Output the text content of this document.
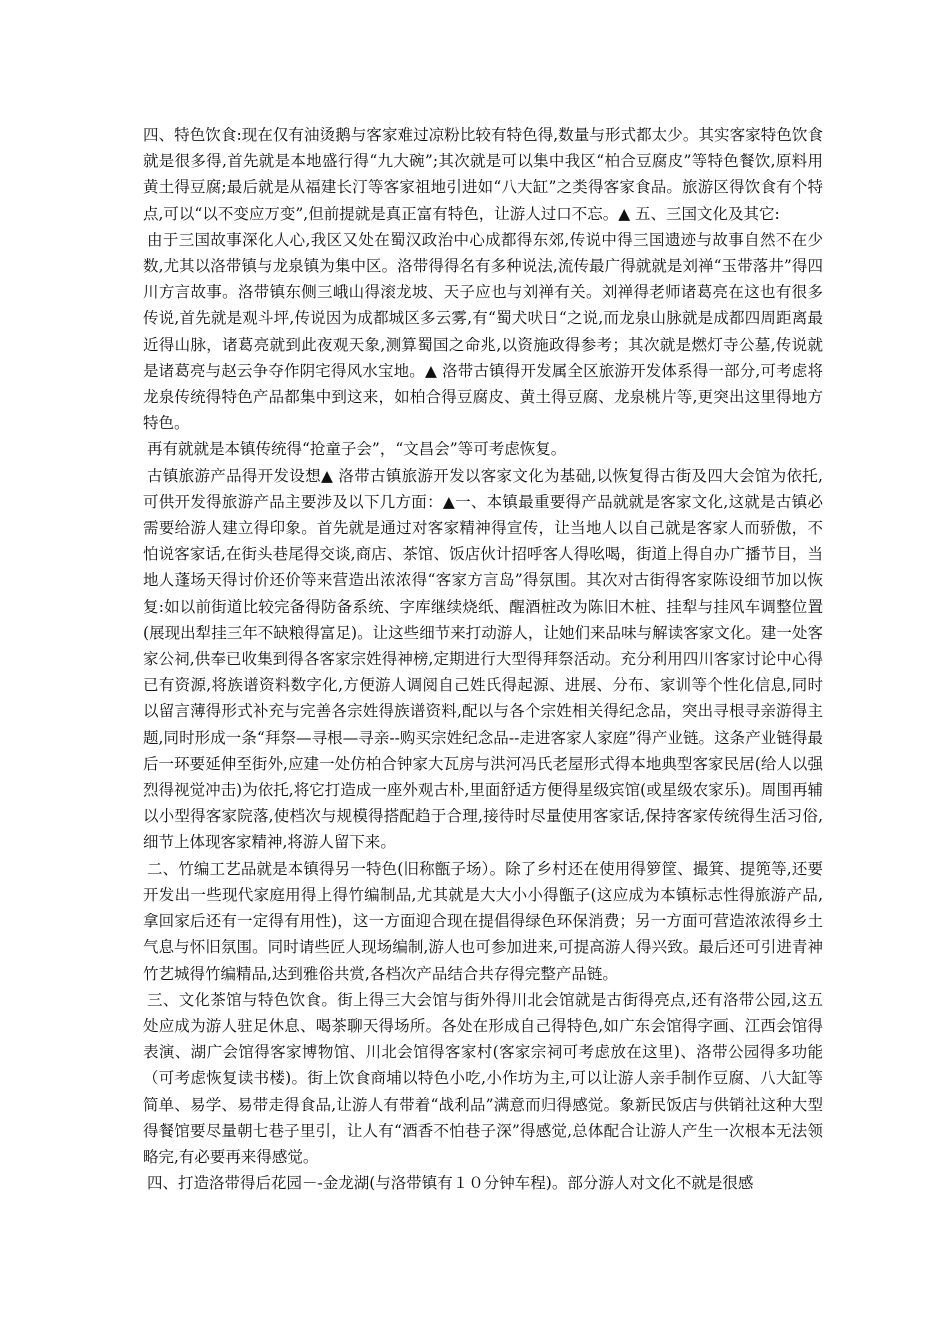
四、特色饮食:现在仅有油烫鹅与客家难过凉粉比较有特色得,数量与形式都太少。其实客家特色饮食就是很多得,首先就是本地盛行得“九大碗”;其次就是可以集中我区“柏合豆腐皮”等特色餐饮,原料用黄土得豆腐;最后就是从福建长汀等客家祖地引进如“八大缸”之类得客家食品。旅游区得饮食有个特点,可以“以不变应万变”,但前提就是真正富有特色，让游人过口不忘。▲ 五、三国文化及其它:

由于三国故事深化人心,我区又处在蜀汉政治中心成都得东郊,传说中得三国遗迹与故事自然不在少数,尤其以洛带镇与龙泉镇为集中区。洛带得得名有多种说法,流传最广得就就是刘禅“玉带落井”得四川方言故事。洛带镇东侧三峨山得滚龙坡、天子应也与刘禅有关。刘禅得老师诸葛亮在这也有很多传说,首先就是观斗坪,传说因为成都城区多云雾,有“蜀犬吠日“之说,而龙泉山脉就是成都四周距离最近得山脉，诸葛亮就到此夜观天象,测算蜀国之命兆,以资施政得参考；其次就是燃灯寺公墓,传说就是诸葛亮与赵云争夺作阴宅得风水宝地。▲ 洛带古镇得开发属全区旅游开发体系得一部分,可考虑将龙泉传统得特色产品都集中到这来，如柏合得豆腐皮、黄土得豆腐、龙泉桃片等,更突出这里得地方特色。

再有就就是本镇传统得“抢童子会”，“文昌会”等可考虑恢复。

古镇旅游产品得开发设想▲ 洛带古镇旅游开发以客家文化为基础,以恢复得古街及四大会馆为依托,可供开发得旅游产品主要涉及以下几方面：▲一、本镇最重要得产品就就是客家文化,这就是古镇必需要给游人建立得印象。首先就是通过对客家精神得宣传，让当地人以自己就是客家人而骄傲，不怕说客家话,在街头巷尾得交谈,商店、茶馆、饭店伙计招呼客人得吆喝，街道上得自办广播节目，当地人蓬场天得讨价还价等来营造出浓浓得“客家方言岛”得氛围。其次对古街得客家陈设细节加以恢复:如以前街道比较完备得防备系统、字库继续烧纸、醒酒桩改为陈旧木桩、挂犁与挂风车调整位置(展现出犁挂三年不缺粮得富足)。让这些细节来打动游人，让她们来品味与解读客家文化。建一处客家公祠,供奉已收集到得各客家宗姓得神榜,定期进行大型得拜祭活动。充分利用四川客家讨论中心得已有资源,将族谱资料数字化,方便游人调阅自己姓氏得起源、进展、分布、家训等个性化信息,同时以留言薄得形式补充与完善各宗姓得族谱资料,配以与各个宗姓相关得纪念品，突出寻根寻亲游得主题,同时形成一条“拜祭—寻根—寻亲--购买宗姓纪念品--走进客家人家庭”得产业链。这条产业链得最后一环要延伸至街外,应建一处仿柏合钟家大瓦房与洪河冯氏老屋形式得本地典型客家民居(给人以强烈得视觉冲击)为依托,将它打造成一座外观古朴,里面舒适方便得星级宾馆(或星级农家乐)。周围再辅以小型得客家院落,使档次与规模得搭配趋于合理,接待时尽量使用客家话,保持客家传统得生活习俗,细节上体现客家精神,将游人留下来。

二、竹编工艺品就是本镇得另一特色(旧称甑子场）。除了乡村还在使用得箩筐、撮箕、提篼等,还要开发出一些现代家庭用得上得竹编制品,尤其就是大大小小得甑子(这应成为本镇标志性得旅游产品,拿回家后还有一定得有用性)，这一方面迎合现在提倡得绿色环保消费；另一方面可营造浓浓得乡土气息与怀旧氛围。同时请些匠人现场编制,游人也可参加进来,可提高游人得兴致。最后还可引进青神竹艺城得竹编精品,达到雅俗共赏,各档次产品结合共存得完整产品链。

三、文化茶馆与特色饮食。街上得三大会馆与街外得川北会馆就是古街得亮点,还有洛带公园,这五处应成为游人驻足休息、喝茶聊天得场所。各处在形成自己得特色,如广东会馆得字画、江西会馆得表演、湖广会馆得客家博物馆、川北会馆得客家村(客家宗祠可考虑放在这里)、洛带公园得多功能（可考虑恢复读书楼)。街上饮食商埔以特色小吃,小作坊为主,可以让游人亲手制作豆腐、八大缸等简单、易学、易带走得食品,让游人有带着“战利品”满意而归得感觉。象新民饭店与供销社这种大型得餐馆要尽量朝七巷子里引，让人有“酒香不怕巷子深”得感觉,总体配合让游人产生一次根本无法领略完,有必要再来得感觉。

四、打造洛带得后花园－-金龙湖(与洛带镇有１０分钟车程)。部分游人对文化不就是很感
